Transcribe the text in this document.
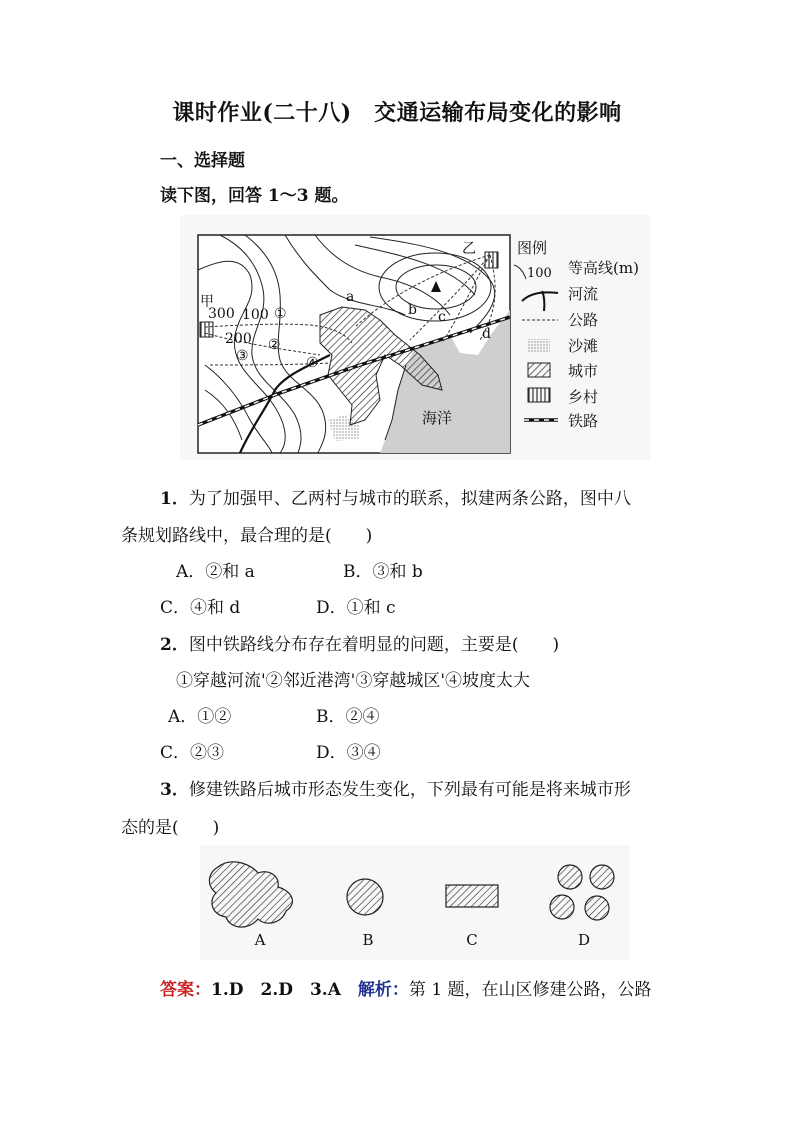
课时作业(二十八)　交通运输布局变化的影响
一、选择题
读下图，回答 1～3 题。
甲
乙
300 100
200
①
②
③	④
a
b c
d
海洋
图例
100 等高线(m)
河流
公路
沙滩
城市
乡村
铁路
1．为了加强甲、乙两村与城市的联系，拟建两条公路，图中八
条规划路线中，最合理的是(　　)
A．②和 a	B．③和 b
C．④和 d	D．①和 c
2．图中铁路线分布存在着明显的问题，主要是(　　)
①穿越河流'②邻近港湾'③穿越城区'④坡度太大
A．①②	B．②④
C．②③	D．③④
3．修建铁路后城市形态发生变化，下列最有可能是将来城市形
态的是(　　)
A	B	C	D
答案：1.D　2.D　3.A　 解析：第 1 题，在山区修建公路，公路
